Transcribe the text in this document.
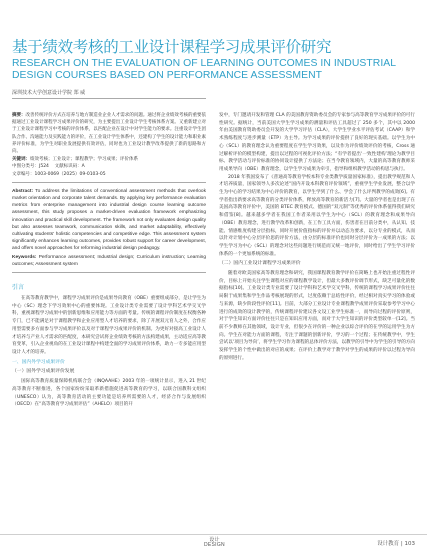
基于绩效考核的工业设计课程学习成果评价研究
RESEARCH ON THE EVALUATION OF LEARNING OUTCOMES IN INDUSTRIAL DESIGN COURSES BASED ON PERFORMANCE ASSESSMENT
深圳技术大学创意设计学院 郑 威
摘要：改善传统评价方式在培养与地方制造业企业人才需求的问题。通过将企业绩效考核的重要依据通过工业设计课程学习成果评价的研究，为主要提出工业设计学生考核体系方案。又重新建立对于工业设计课程学习中考核的评价体系，以匹配企业在设计中对学生能力的要求。注重设计学生团队合作、沟通能力及实践能力的评价，在工业设计学生体系中，还建构了学生的设计能力和职业素养评价标准，为学生对职业发展提供有效评估，同时也为工业设计教学改革提供了新的思路和方向。
关键词：绩效考核；工业设计；课程教学；学习成果；评价体系
中图分类号：J524 文献标识码：A
文章编号：1003-0069（2025）09-0103-05
Abstract: To address the limitations of conventional assessment methods that overlook market orientation and corporate talent demands. By applying key performance evaluation metrics from enterprise management into industrial design course learning outcome assessment, this study proposes a market-driven evaluation framework emphasizing innovation and practical skill development. The framework not only evaluates design quality but also assesses teamwork, communication skills, and market adaptability, effectively cultivating students' holistic competencies and competitive edge. This assessment system significantly enhances learning outcomes, provides robust support for career development, and offers novel approaches for reforming industrial design pedagogy.
Keywords: Performance assessment; Industrial design; Curriculum instruction; Learning outcomes; Assessment system
引言
在高等教育教学中，课程学习成果评价是成果导向教育（OBE）重要组成部分，是让学生为中心（SC）理念下学习效果中心的重要体现。工业设计类专业需要了设计学科艺术学交叉学科，重视课程学习成果中的创新思维和应用能力等方面的考量。传统的课程评价制度在权衡各种专门，已不能满足对于课程教学和企业应用型人才培养的要求，除了开展双元育人之外，合作应用型需要多方面参与学习成果评价以及对于课程学习成果评价的机制。为更好对接高工业设计人才培养与产业人才需求的匹配度，本研究尝试将企业绩效考核的方法构建成果，主动适应高等教育变革，引入企业视角的在工业设计课程中构建全面的学习成果评价体系，助力一专多能应用型设计人才的培养。
一、国内外学习成果评价
（一）国外学习成果评价发展
国际高等教育质量保障机构联合会（INQAAHE）2003 年的一项统计显示，进入 21 世纪高等教育不断推进，各个国家纷纷采取革新措施促进高等教育的学习，以联合国教科文组织（UNESCO）认为，高等教育活动的主要功能是培养所需要的人才，经济合作与发展组织（OECD）在“高等教育学习成果评估”（AHELO）项目的开
发中，专门邀请开发和管理 CLA 的美国教育资助委员会的专家参与高等教育学习成果评价的可行性研究。据统计，当前美国大学生学习成果的测量和评估工具超过了 250 多个，其中以 2000 年由美国教育资助委员会开发的大学学习评估（CLA），大学生学业水平评估考试（CAAP）和学术熟练程度与进步测量（ETP）为主导。为学习成果的评价提供了良好的现实基础。以学生为中心（SCL）的教育理念认为重要程度在学生学习效果，以及作为评价绩效评价的考核，Cross 通过解析评价的模型构建，提出以过程的可视化评价方法；“有学者提出‘一致性建构’理论为教学目标、教学活动与评价标准的协同设计提供了方法论；在当今教育领域内，大量的高等教育教师采用成果导向（OBE）教育理念，以学生学习成果为牵引，指导和组织教学活动的构思与执行。
2018 年我国发布了《普通高等教育学校本科专业类教学质量国家标准》，提出教学规范和人才培养质量，国家领导人多次论述“国内开设本科教育评价领域”，重视学生学业发展，整合以学生为中心的学习结果为中心评价的教育，以学生学到了什么、学会了什么评判教学的成效[6]。有学者指出新要求高等教育的分类评价体系，释放高等教育的新活力[7]。大量的学者也是出现了在美国高等教育评价中，美国的 BTEC 教育模式、德国的“双元制”等优秀的评价体系值得我们研究和借鉴[8]。越来越多学者在我国工作者采用以学生为中心（SCL）的教育理念和成果导向（OBE）教育理念，进行教学改革和创新，在工作工具方面，伤害者在目前分类中，从认知、技能、情感维度构建分层指标，同时开展价值指标的评价并以动态为要求，以分专业的模式，从而以针对计划中心分层评价思的评价方法，由分层的标准评价也同时分层评价为一成果的方法；以学生学习为中心（SCL）的理念对这些问题进行规范而又统一地评价，同时给出了学生学习评价体系的一个更加系统的标准。
（二）国内工业设计课程学习成果评价
随着对欧美国家高等教育理念和研究，我国课程教育教学评价在简略上也开始注重过程性评价，目标上开始关注学生课程对应的课程教学设计，但最大多数评价调节形式，缺乏可量化的数据指标[10]。工业设计类专业需要了设计学科和艺术学交叉学科，传统的课程学习成果评价往往局限于成果集和学生作品考核展现的形式，过度依赖于总结性评价，经过相对真实学习的体验或与来源，缺少阶段性评价[11]。目前，大部分工业设计专业课程教学成果评价采取参考学习中心进行的成效的设计教学的，传统课程评价建议各文设工业学生标准一，而导向过程的评价原则，对于学生知识方面评价往往只是在知识应用方面，而对于大学生知识的评价类型较单一[12]。当前不少教师在其他领域，设计专业，但很少在评价的一种企业以综合评价的在学的运用学生为方向。学生在对能力方面的课程，专注于课题的创新评价，学习的一个过程；在传统教学中，学生尝试以‘项目为导向’，将学生学习作为课程的总体评价方法，以教学的引导中为学生的引导的方向发挥学生的个性中做出的对应的成果；在评价上教学对于教学对学生的成果的评价以过程为导向的原则进行。
设计
DESIGN	设计教育 | 103
